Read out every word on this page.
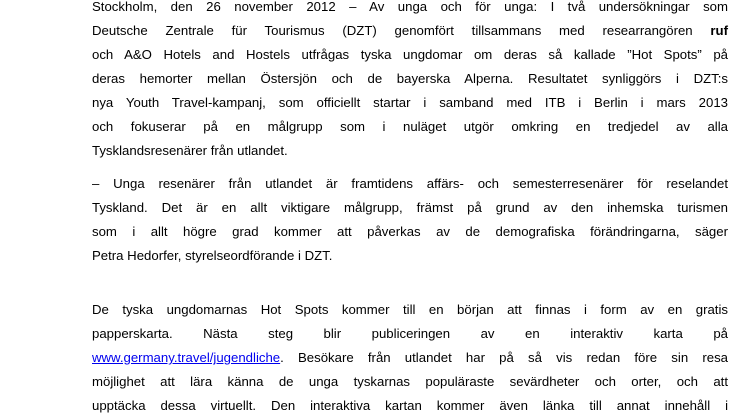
Stockholm, den 26 november 2012 – Av unga och för unga: I två undersökningar som
Deutsche Zentrale für Tourismus (DZT) genomfört tillsammans med researrangören ruf
och A&O Hotels and Hostels utfrågas tyska ungdomar om deras så kallade ”Hot Spots” på
deras hemorter mellan Östersjön och de bayerska Alperna. Resultatet synliggörs i DZT:s
nya Youth Travel-kampanj, som officiellt startar i samband med ITB i Berlin i mars 2013
och fokuserar på en målgrupp som i nuläget utgör omkring en tredjedel av alla
Tysklandsresenärer från utlandet.

– Unga resenärer från utlandet är framtidens affärs- och semesterresenärer för reselandet
Tyskland. Det är en allt viktigare målgrupp, främst på grund av den inhemska turismen
som i allt högre grad kommer att påverkas av de demografiska förändringarna, säger
Petra Hedorfer, styrelseordförande i DZT.

De tyska ungdomarnas Hot Spots kommer till en början att finnas i form av en gratis
papperskarta. Nästa steg blir publiceringen av en interaktiv karta på
www.germany.travel/jugendliche. Besökare från utlandet har på så vis redan före sin resa
möjlighet att lära känna de unga tyskarnas populäraste sevärdheter och orter, och att
upptäcka dessa virtuellt. Den interaktiva kartan kommer även länka till annat innehåll i
